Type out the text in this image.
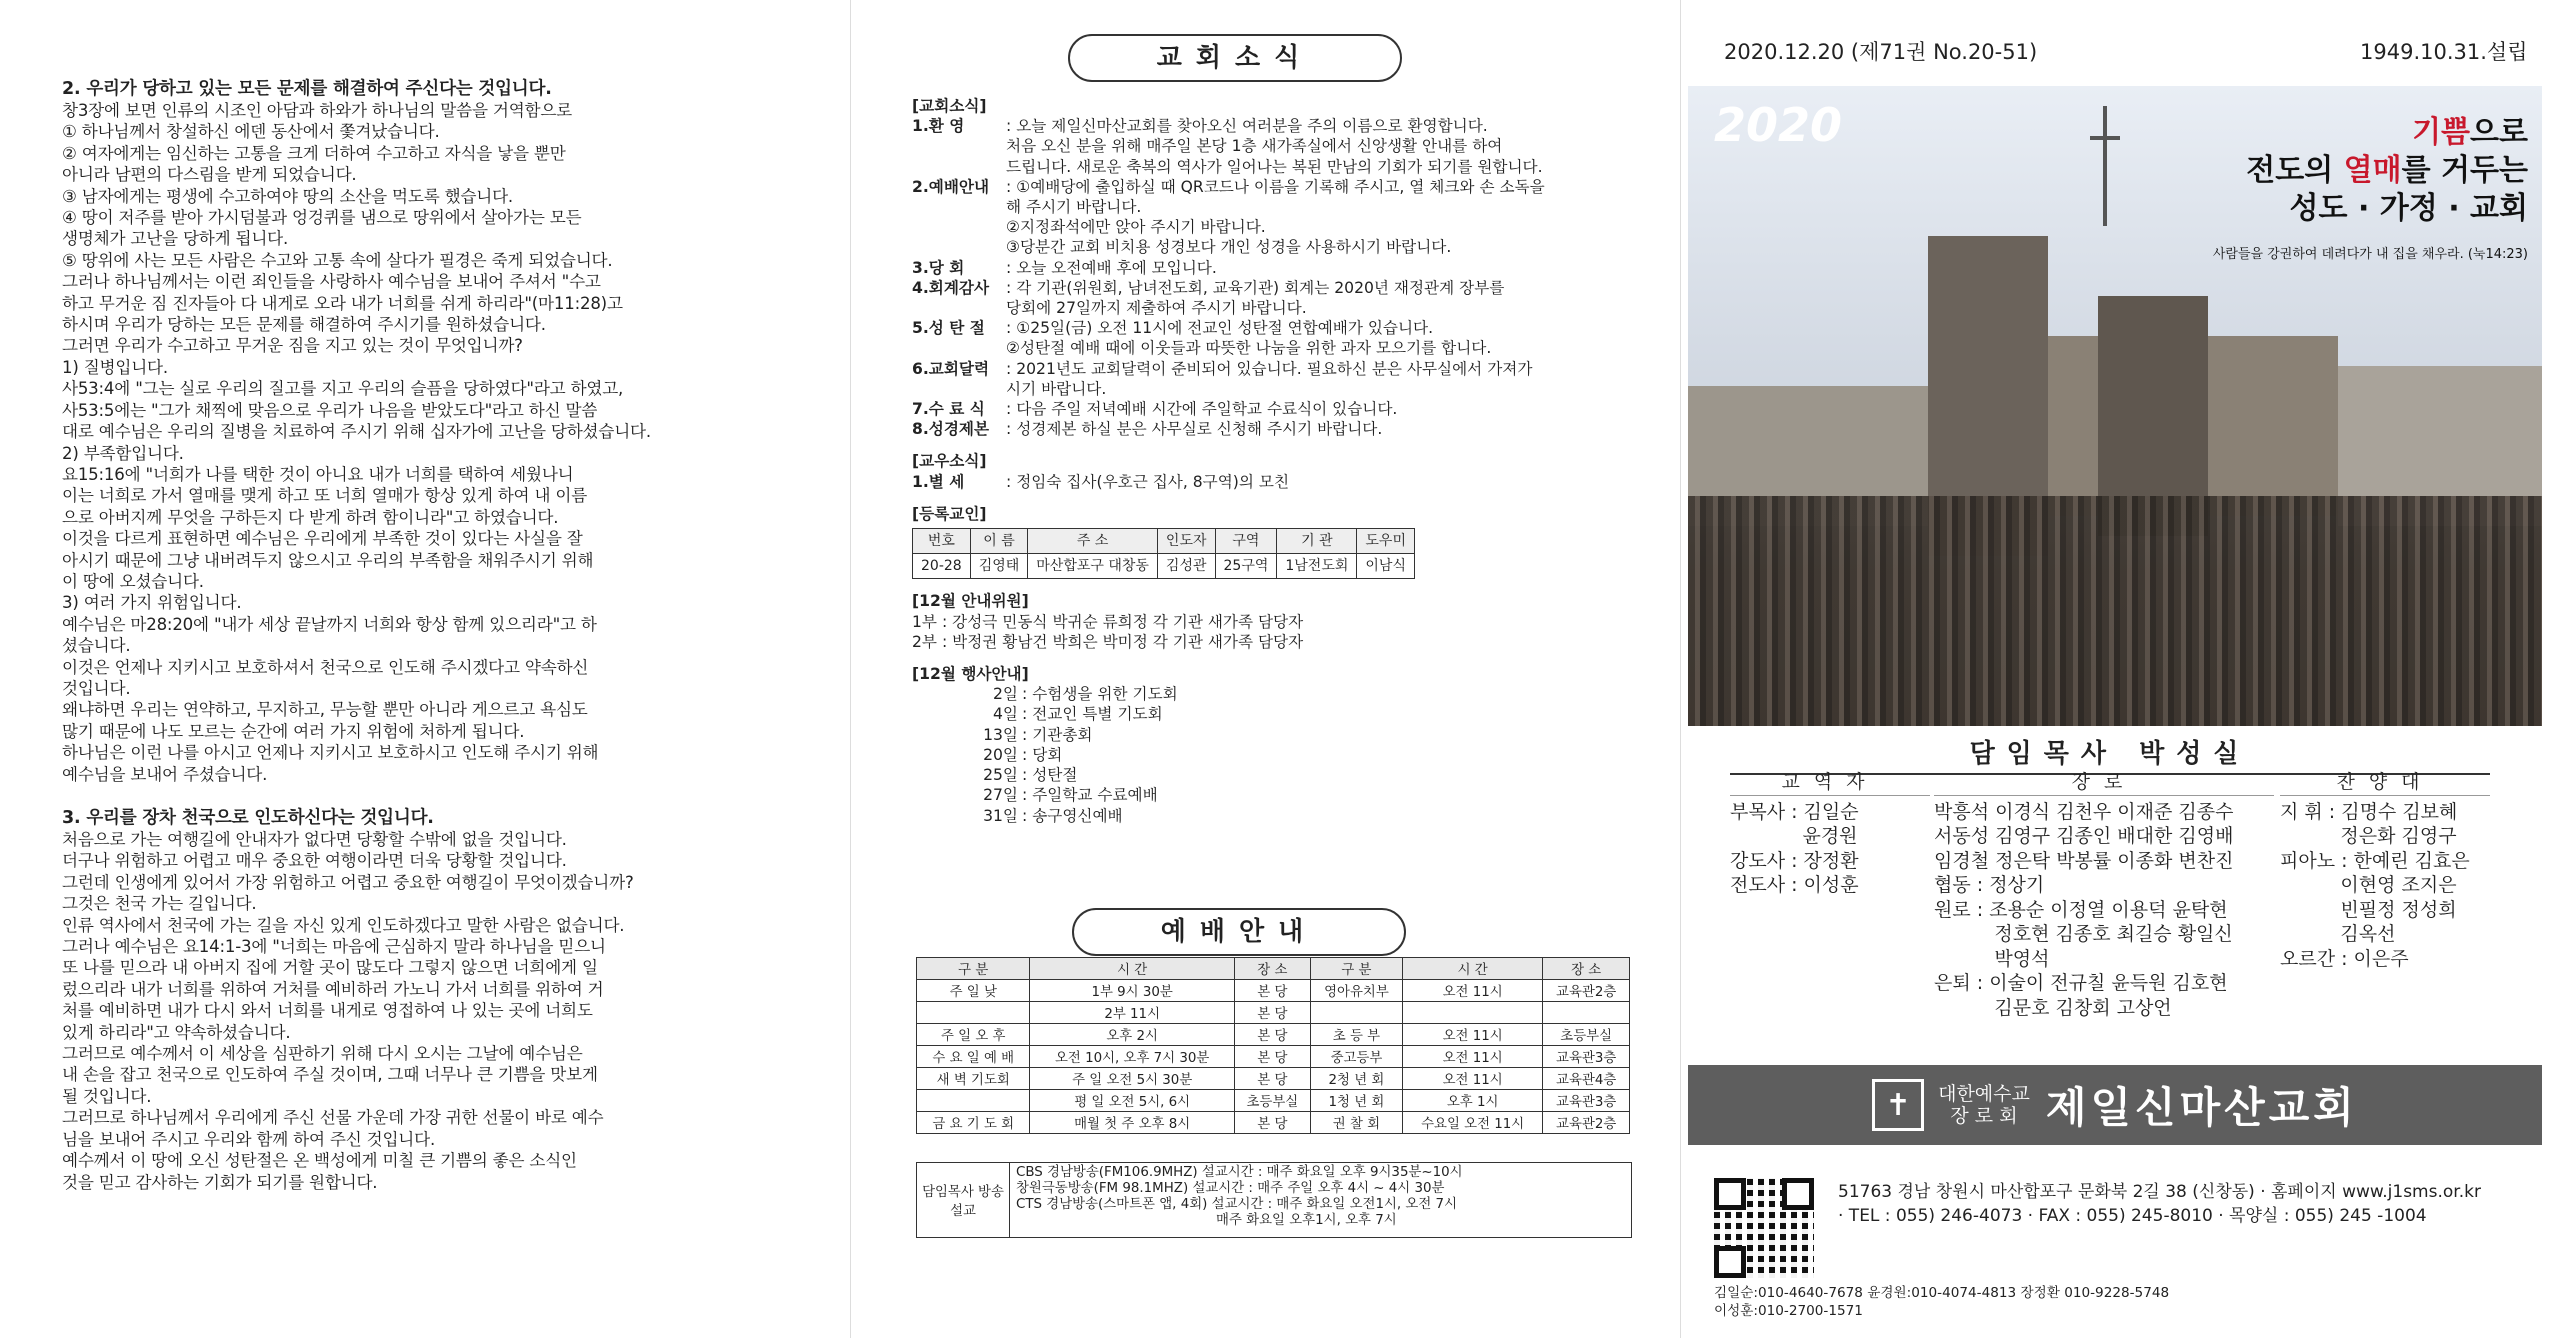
2. 우리가 당하고 있는 모든 문제를 해결하여 주신다는 것입니다.

창3장에 보면 인류의 시조인 아담과 하와가 하나님의 말씀을 거역함으로

① 하나님께서 창설하신 에덴 동산에서 쫓겨났습니다.

② 여자에게는 임신하는 고통을 크게 더하여 수고하고 자식을 낳을 뿐만

아니라 남편의 다스림을 받게 되었습니다.

③ 남자에게는 평생에 수고하여야 땅의 소산을 먹도록 했습니다.

④ 땅이 저주를 받아 가시덤불과 엉겅퀴를 냄으로 땅위에서 살아가는 모든

생명체가 고난을 당하게 됩니다.

⑤ 땅위에 사는 모든 사람은 수고와 고통 속에 살다가 필경은 죽게 되었습니다.

그러나 하나님께서는 이런 죄인들을 사랑하사 예수님을 보내어 주셔서 "수고

하고 무거운 짐 진자들아 다 내게로 오라 내가 너희를 쉬게 하리라"(마11:28)고

하시며 우리가 당하는 모든 문제를 해결하여 주시기를 원하셨습니다.

그러면 우리가 수고하고 무거운 짐을 지고 있는 것이 무엇입니까?

1) 질병입니다.

사53:4에 "그는 실로 우리의 질고를 지고 우리의 슬픔을 당하였다"라고 하였고,

사53:5에는 "그가 채찍에 맞음으로 우리가 나음을 받았도다"라고 하신 말씀

대로 예수님은 우리의 질병을 치료하여 주시기 위해 십자가에 고난을 당하셨습니다.

2) 부족함입니다.

요15:16에 "너희가 나를 택한 것이 아니요 내가 너희를 택하여 세웠나니

이는 너희로 가서 열매를 맺게 하고 또 너희 열매가 항상 있게 하여 내 이름

으로 아버지께 무엇을 구하든지 다 받게 하려 함이니라"고 하였습니다.

이것을 다르게 표현하면 예수님은 우리에게 부족한 것이 있다는 사실을 잘

아시기 때문에 그냥 내버려두지 않으시고 우리의 부족함을 채워주시기 위해

이 땅에 오셨습니다.

3) 여러 가지 위험입니다.

예수님은 마28:20에 "내가 세상 끝날까지 너희와 항상 함께 있으리라"고 하

셨습니다.

이것은 언제나 지키시고 보호하셔서 천국으로 인도해 주시겠다고 약속하신

것입니다.

왜냐하면 우리는 연약하고, 무지하고, 무능할 뿐만 아니라 게으르고 욕심도

많기 때문에 나도 모르는 순간에 여러 가지 위험에 처하게 됩니다.

하나님은 이런 나를 아시고 언제나 지키시고 보호하시고 인도해 주시기 위해

예수님을 보내어 주셨습니다.

3. 우리를 장차 천국으로 인도하신다는 것입니다.

처음으로 가는 여행길에 안내자가 없다면 당황할 수밖에 없을 것입니다.

더구나 위험하고 어렵고 매우 중요한 여행이라면 더욱 당황할 것입니다.

그런데 인생에게 있어서 가장 위험하고 어렵고 중요한 여행길이 무엇이겠습니까?

그것은 천국 가는 길입니다.

인류 역사에서 천국에 가는 길을 자신 있게 인도하겠다고 말한 사람은 없습니다.

그러나 예수님은 요14:1-3에 "너희는 마음에 근심하지 말라 하나님을 믿으니

또 나를 믿으라 내 아버지 집에 거할 곳이 많도다 그렇지 않으면 너희에게 일

렀으리라 내가 너희를 위하여 거처를 예비하러 가노니 가서 너희를 위하여 거

처를 예비하면 내가 다시 와서 너희를 내게로 영접하여 나 있는 곳에 너희도

있게 하리라"고 약속하셨습니다.

그러므로 예수께서 이 세상을 심판하기 위해 다시 오시는 그날에 예수님은

내 손을 잡고 천국으로 인도하여 주실 것이며, 그때 너무나 큰 기쁨을 맛보게

될 것입니다.

그러므로 하나님께서 우리에게 주신 선물 가운데 가장 귀한 선물이 바로 예수

님을 보내어 주시고 우리와 함께 하여 주신 것입니다.

예수께서 이 땅에 오신 성탄절은 온 백성에게 미칠 큰 기쁨의 좋은 소식인

것을 믿고 감사하는 기회가 되기를 원합니다.

교회소식

[교회소식]

1.환 영	: 오늘 제일신마산교회를 찾아오신 여러분을 주의 이름으로 환영합니다.
처음 오신 분을 위해 매주일 본당 1층 새가족실에서 신앙생활 안내를 하여
드립니다. 새로운 축복의 역사가 일어나는 복된 만남의 기회가 되기를 원합니다.
2.예배안내	: ①예배당에 출입하실 때 QR코드나 이름을 기록해 주시고, 열 체크와 손 소독을
해 주시기 바랍니다.
②지정좌석에만 앉아 주시기 바랍니다.
③당분간 교회 비치용 성경보다 개인 성경을 사용하시기 바랍니다.
3.당 회	: 오늘 오전예배 후에 모입니다.
4.회계감사	: 각 기관(위원회, 남녀전도회, 교육기관) 회계는 2020년 재정관계 장부를
당회에 27일까지 제출하여 주시기 바랍니다.
5.성 탄 절	: ①25일(금) 오전 11시에 전교인 성탄절 연합예배가 있습니다.
②성탄절 예배 때에 이웃들과 따뜻한 나눔을 위한 과자 모으기를 합니다.
6.교회달력	: 2021년도 교회달력이 준비되어 있습니다. 필요하신 분은 사무실에서 가져가
시기 바랍니다.
7.수 료 식	: 다음 주일 저녁예배 시간에 주일학교 수료식이 있습니다.
8.성경제본	: 성경제본 하실 분은 사무실로 신청해 주시기 바랍니다.

[교우소식]

1.별 세	: 정임숙 집사(우호근 집사, 8구역)의 모친

[등록교인]

번호	이 름	주 소	인도자	구역	기 관	도우미
20-28	김영태	마산합포구 대창동	김성관	25구역	1남전도회	이남식

[12월 안내위원]

1부 : 강성극 민동식 박귀순 류희정 각 기관 새가족 담당자
2부 : 박정권 황남건 박희은 박미정 각 기관 새가족 담당자

[12월 행사안내]

2일 : 수험생을 위한 기도회
4일 : 전교인 특별 기도회
13일 : 기관총회
20일 : 당회
25일 : 성탄절
27일 : 주일학교 수료예배
31일 : 송구영신예배
예배안내
구 분	시 간	장 소	구 분	시 간	장 소
주 일 낮	1부 9시 30분	본 당	영아유치부	오전 11시	교육관2층
	2부 11시	본 당			
주 일 오 후	오후 2시	본 당	초 등 부	오전 11시	초등부실
수 요 일 예 배	오전 10시, 오후 7시 30분	본 당	중고등부	오전 11시	교육관3층
새 벽 기도회	주 일 오전 5시 30분	본 당	2청 년 회	오전 11시	교육관4층
	평 일 오전 5시, 6시	초등부실	1청 년 회	오후 1시	교육관3층
금 요 기 도 회	매월 첫 주 오후 8시	본 당	권 찰 회	수요일 오전 11시	교육관2층
담임목사 방송설교
CBS 경남방송(FM106.9MHZ) 설교시간 : 매주 화요일 오후 9시35분~10시
창원극동방송(FM 98.1MHZ) 설교시간 : 매주 주일 오후 4시 ~ 4시 30분
CTS 경남방송(스마트폰 앱, 4회) 설교시간 : 매주 화요일 오전1시, 오전 7시
매주 화요일 오후1시, 오후 7시
2020.12.20 (제71권 No.20-51)	1949.10.31.설립
2020	기쁨으로
전도의 열매를 거두는
성도 · 가정 · 교회
사람들을 강권하여 데려다가 내 집을 채우라. (눅14:23)
담임목사 박성실
교역자

부목사 : 김일순

윤경원

강도사 : 장정환

전도사 : 이성훈

장로

박흥석 이경식 김천우 이재준 김종수

서동성 김영구 김종인 배대한 김영배

임경철 정은탁 박봉률 이종화 변찬진

협동 : 정상기

원로 : 조용순 이정열 이용덕 윤탁현

정호현 김종호 최길승 황일신

박영석

은퇴 : 이술이 전규칠 윤득원 김호현

김문호 김창회 고상언

찬양대

지 휘 : 김명수 김보혜

정은화 김영구

피아노 : 한예린 김효은

이현영 조지은

빈필정 정성희

김옥선

오르간 : 이은주

✝	대한예수교
장 로 회 제일신마산교회
51763 경남 창원시 마산합포구 문화북 2길 38 (신창동) · 홈페이지 www.j1sms.or.kr
· TEL : 055) 246-4073 · FAX : 055) 245-8010 · 목양실 : 055) 245 -1004
김일순:010-4640-7678 윤경원:010-4074-4813 장정환 010-9228-5748
이성훈:010-2700-1571
